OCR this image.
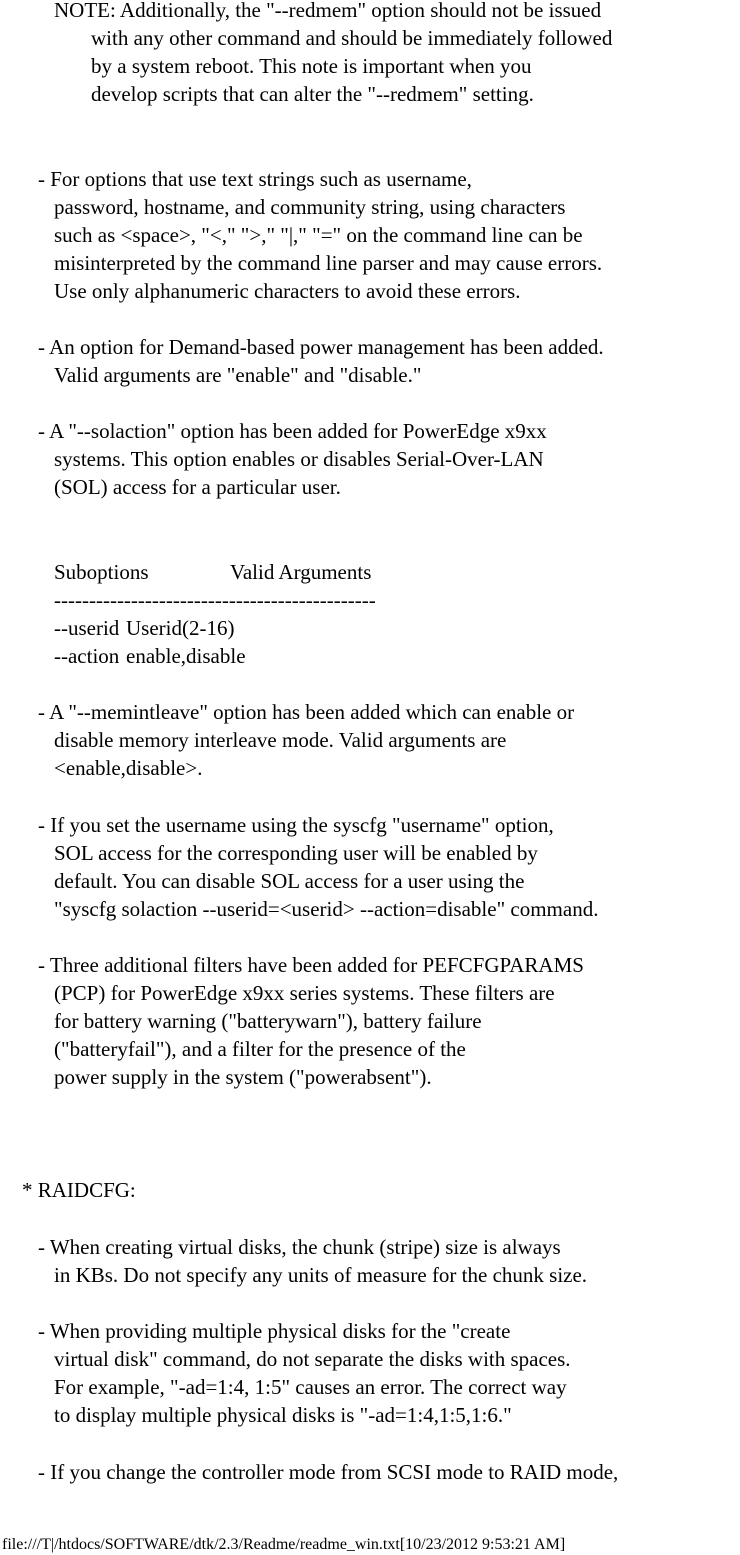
NOTE: Additionally, the "--redmem" option should not be issued
with any other command and should be immediately followed
by a system reboot. This note is important when you
develop scripts that can alter the "--redmem" setting.
- For options that use text strings such as username,
password, hostname, and community string, using characters
such as <space>, "<," ">," "|," "=" on the command line can be
misinterpreted by the command line parser and may cause errors.
Use only alphanumeric characters to avoid these errors.
- An option for Demand-based power management has been added.
Valid arguments are "enable" and "disable."
- A "--solaction" option has been added for PowerEdge x9xx
systems. This option enables or disables Serial-Over-LAN
(SOL) access for a particular user.
Suboptions	Valid Arguments
----------------------------------------------
--userid Userid(2-16)
--action enable,disable
- A "--memintleave" option has been added which can enable or
disable memory interleave mode. Valid arguments are
<enable,disable>.
- If you set the username using the syscfg "username" option,
SOL access for the corresponding user will be enabled by
default. You can disable SOL access for a user using the
"syscfg solaction --userid=<userid> --action=disable" command.
- Three additional filters have been added for PEFCFGPARAMS
(PCP) for PowerEdge x9xx series systems. These filters are
for battery warning ("batterywarn"), battery failure
("batteryfail"), and a filter for the presence of the
power supply in the system ("powerabsent").
* RAIDCFG:
- When creating virtual disks, the chunk (stripe) size is always
in KBs. Do not specify any units of measure for the chunk size.
- When providing multiple physical disks for the "create
virtual disk" command, do not separate the disks with spaces.
For example, "-ad=1:4, 1:5" causes an error. The correct way
to display multiple physical disks is "-ad=1:4,1:5,1:6."
- If you change the controller mode from SCSI mode to RAID mode,
file:///T|/htdocs/SOFTWARE/dtk/2.3/Readme/readme_win.txt[10/23/2012 9:53:21 AM]
